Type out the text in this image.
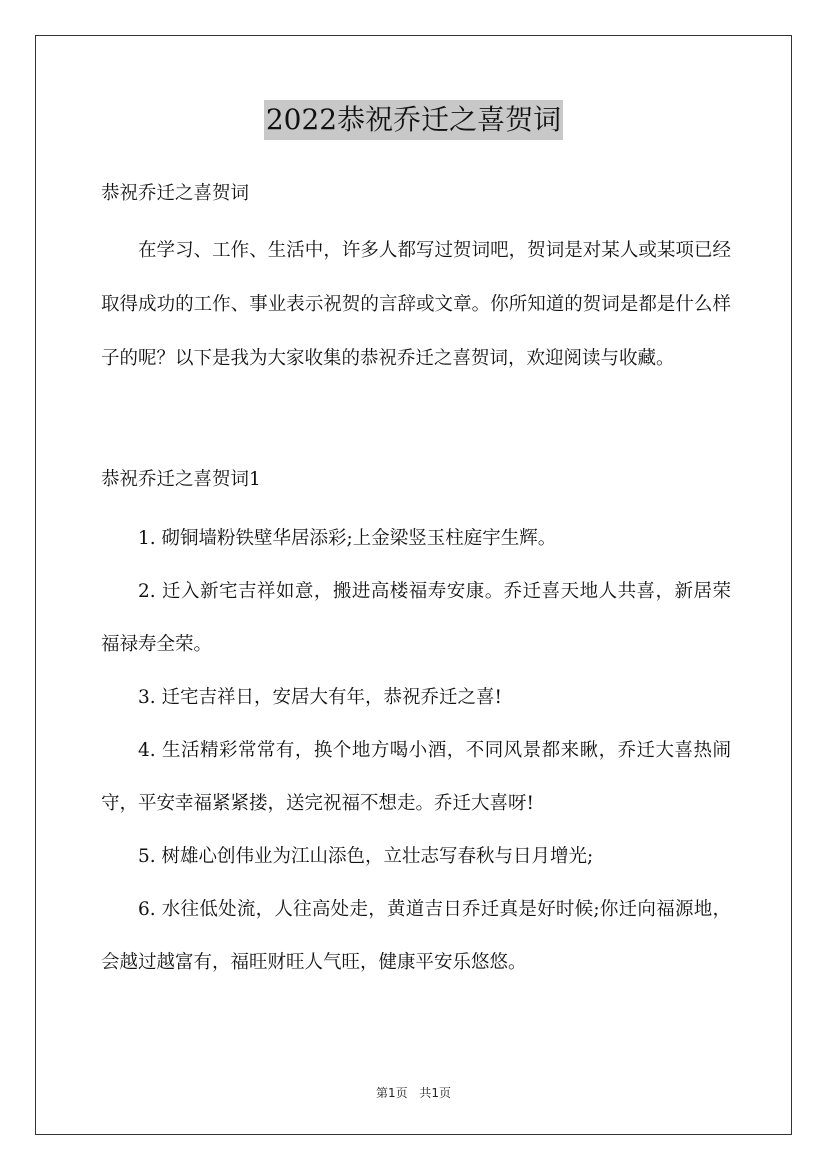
2022恭祝乔迁之喜贺词
恭祝乔迁之喜贺词

在学习、工作、生活中，许多人都写过贺词吧，贺词是对某人或某项已经取得成功的工作、事业表示祝贺的言辞或文章。你所知道的贺词是都是什么样子的呢？以下是我为大家收集的恭祝乔迁之喜贺词，欢迎阅读与收藏。

恭祝乔迁之喜贺词1

1. 砌铜墙粉铁壁华居添彩;上金梁竖玉柱庭宇生辉。

2. 迁入新宅吉祥如意，搬进高楼福寿安康。乔迁喜天地人共喜，新居荣福禄寿全荣。

3. 迁宅吉祥日，安居大有年，恭祝乔迁之喜!

4. 生活精彩常常有，换个地方喝小酒，不同风景都来瞅，乔迁大喜热闹守，平安幸福紧紧搂，送完祝福不想走。乔迁大喜呀!

5. 树雄心创伟业为江山添色，立壮志写春秋与日月增光;

6. 水往低处流，人往高处走，黄道吉日乔迁真是好时候;你迁向福源地，会越过越富有，福旺财旺人气旺，健康平安乐悠悠。

第1页 共1页
